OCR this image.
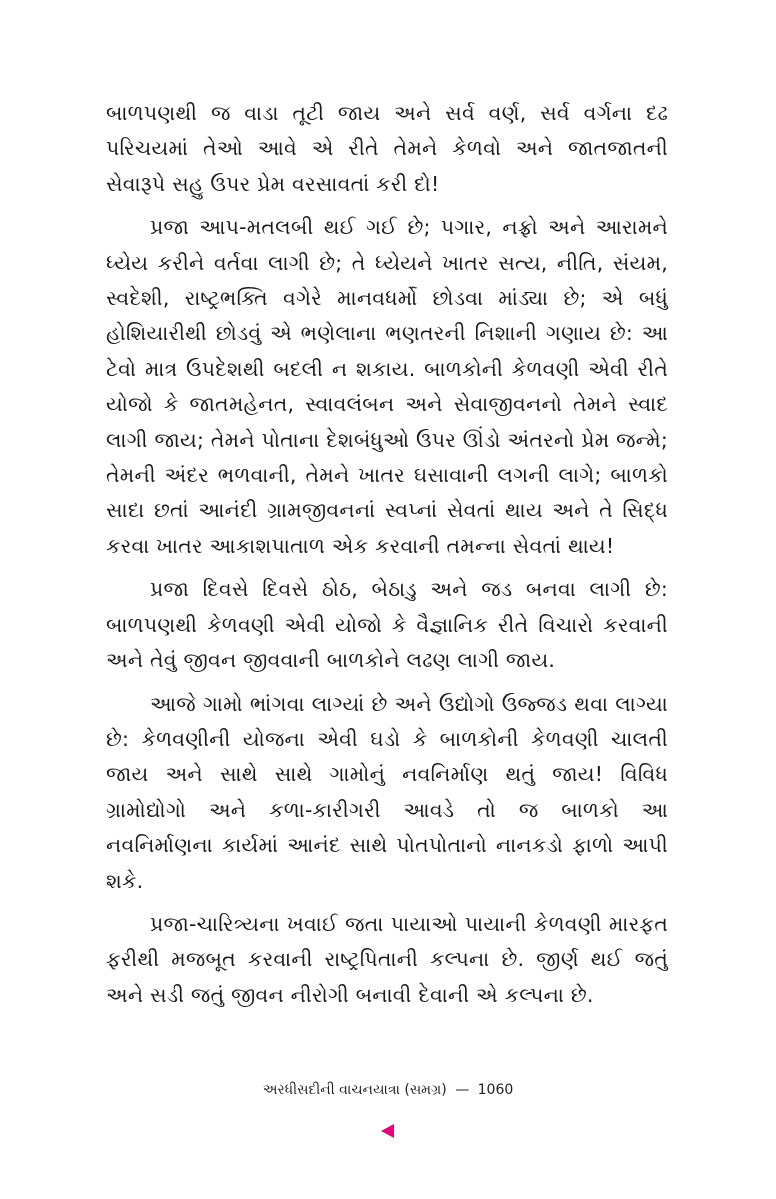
બાળપણથી જ વાડા તૂટી જાય અને સર્વ વર્ણ, સર્વ વર્ગના દઢ પરિચયમાં તેઓ આવે એ રીતે તેમને કેળવો અને જાતજાતની સેવારૂપે સહુ ઉપર પ્રેમ વરસાવતાં કરી દો!

પ્રજા આપ-મતલબી થઈ ગઈ છે; પગાર, નફ્રો અને આરામને ધ્યેય કરીને વર્તવા લાગી છે; તે ધ્યેયને ખાતર સત્ય, નીતિ, સંયમ, સ્વદેશી, રાષ્ટ્રભક્તિ વગેરે માનવધર્મો છોડવા માંડ્યા છે; એ બધું હોશિયારીથી છોડવું એ ભણેલાના ભણતરની નિશાની ગણાય છે: આ ટેવો માત્ર ઉપદેશથી બદલી ન શકાય. બાળકોની કેળવણી એવી રીતે યોજો કે જાતમહેનત, સ્વાવલંબન અને સેવાજીવનનો તેમને સ્વાદ લાગી જાય; તેમને પોતાના દેશબંધુઓ ઉપર ઊંડો અંતરનો પ્રેમ જન્મે; તેમની અંદર ભળવાની, તેમને ખાતર ઘસાવાની લગની લાગે; બાળકો સાદા છતાં આનંદી ગ્રામજીવનનાં સ્વપ્નાં સેવતાં થાય અને તે સિદ્ધ કરવા ખાતર આકાશપાતાળ એક કરવાની તમન્ના સેવતાં થાય!

પ્રજા દિવસે દિવસે ઠોઠ, બેઠાડુ અને જડ બનવા લાગી છે: બાળપણથી કેળવણી એવી યોજો કે વૈજ્ઞાનિક રીતે વિચારો કરવાની અને તેવું જીવન જીવવાની બાળકોને લઢણ લાગી જાય.

આજે ગામો ભાંગવા લાગ્યાં છે અને ઉદ્યોગો ઉજ્જડ થવા લાગ્યા છે: કેળવણીની યોજના એવી ઘડો કે બાળકોની કેળવણી ચાલતી જાય અને સાથે સાથે ગામોનું નવનિર્માણ થતું જાય! વિવિધ ગ્રામોદ્યોગો અને કળા-કારીગરી આવડે તો જ બાળકો આ નવનિર્માણના કાર્યમાં આનંદ સાથે પોતપોતાનો નાનકડો ફાળો આપી શકે.

પ્રજા-ચારિત્ર્યના ખવાઈ જતા પાયાઓ પાયાની કેળવણી મારફત ફરીથી મજબૂત કરવાની રાષ્ટ્રપિતાની કલ્પના છે. જીર્ણ થઈ જતું અને સડી જતું જીવન નીરોગી બનાવી દેવાની એ કલ્પના છે.

અરધીસદીની વાચનયાત્રા (સમગ્ર) — 1060
